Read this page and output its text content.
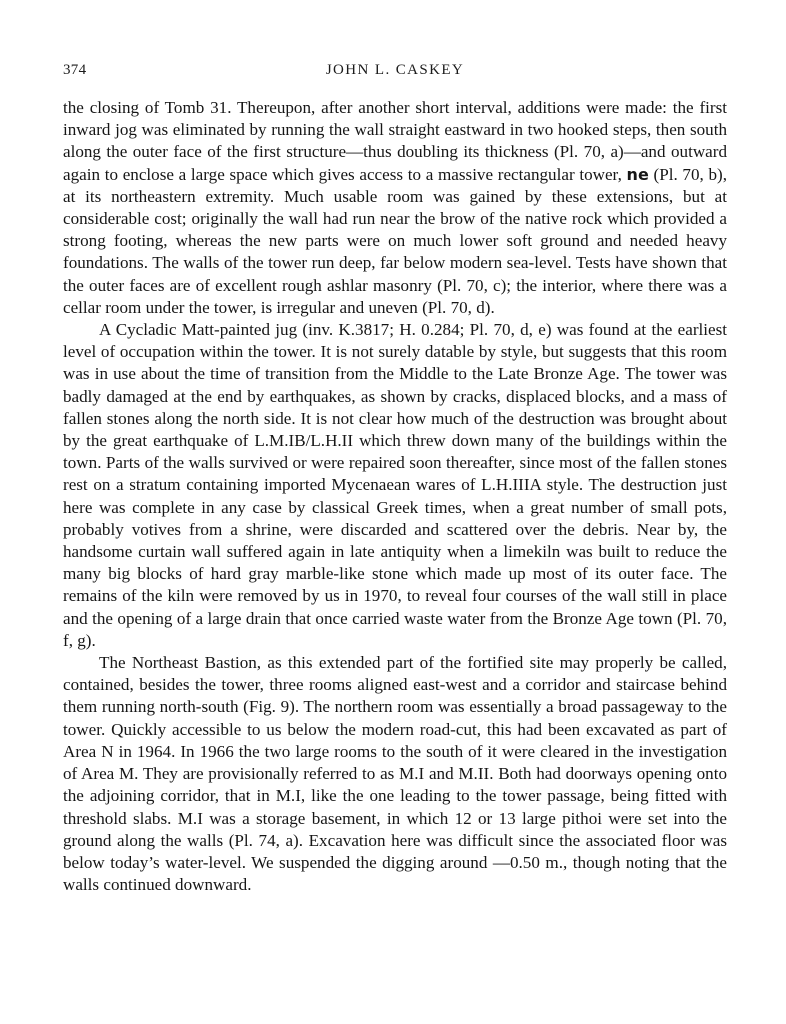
374	JOHN L. CASKEY

the closing of Tomb 31. Thereupon, after another short interval, additions were made: the first inward jog was eliminated by running the wall straight eastward in two hooked steps, then south along the outer face of the first structure—thus doubling its thickness (Pl. 70, a)—and outward again to enclose a large space which gives access to a massive rectangular tower, ne (Pl. 70, b), at its northeastern extremity. Much usable room was gained by these extensions, but at considerable cost; originally the wall had run near the brow of the native rock which provided a strong footing, whereas the new parts were on much lower soft ground and needed heavy foundations. The walls of the tower run deep, far below modern sea-level. Tests have shown that the outer faces are of excellent rough ashlar masonry (Pl. 70, c); the interior, where there was a cellar room under the tower, is irregular and uneven (Pl. 70, d).

A Cycladic Matt-painted jug (inv. K.3817; H. 0.284; Pl. 70, d, e) was found at the earliest level of occupation within the tower. It is not surely datable by style, but suggests that this room was in use about the time of transition from the Middle to the Late Bronze Age. The tower was badly damaged at the end by earthquakes, as shown by cracks, displaced blocks, and a mass of fallen stones along the north side. It is not clear how much of the destruction was brought about by the great earthquake of L.M.IB/L.H.II which threw down many of the buildings within the town. Parts of the walls survived or were repaired soon thereafter, since most of the fallen stones rest on a stratum containing imported Mycenaean wares of L.H.IIIA style. The destruction just here was complete in any case by classical Greek times, when a great number of small pots, probably votives from a shrine, were discarded and scattered over the debris. Near by, the handsome curtain wall suffered again in late antiquity when a limekiln was built to reduce the many big blocks of hard gray marble-like stone which made up most of its outer face. The remains of the kiln were removed by us in 1970, to reveal four courses of the wall still in place and the opening of a large drain that once carried waste water from the Bronze Age town (Pl. 70, f, g).

The Northeast Bastion, as this extended part of the fortified site may properly be called, contained, besides the tower, three rooms aligned east-west and a corridor and staircase behind them running north-south (Fig. 9). The northern room was essentially a broad passageway to the tower. Quickly accessible to us below the modern road-cut, this had been excavated as part of Area N in 1964. In 1966 the two large rooms to the south of it were cleared in the investigation of Area M. They are provisionally referred to as M.I and M.II. Both had doorways opening onto the adjoining corridor, that in M.I, like the one leading to the tower passage, being fitted with threshold slabs. M.I was a storage basement, in which 12 or 13 large pithoi were set into the ground along the walls (Pl. 74, a). Excavation here was difficult since the associated floor was below today’s water-level. We suspended the digging around —0.50 m., though noting that the walls continued downward.
